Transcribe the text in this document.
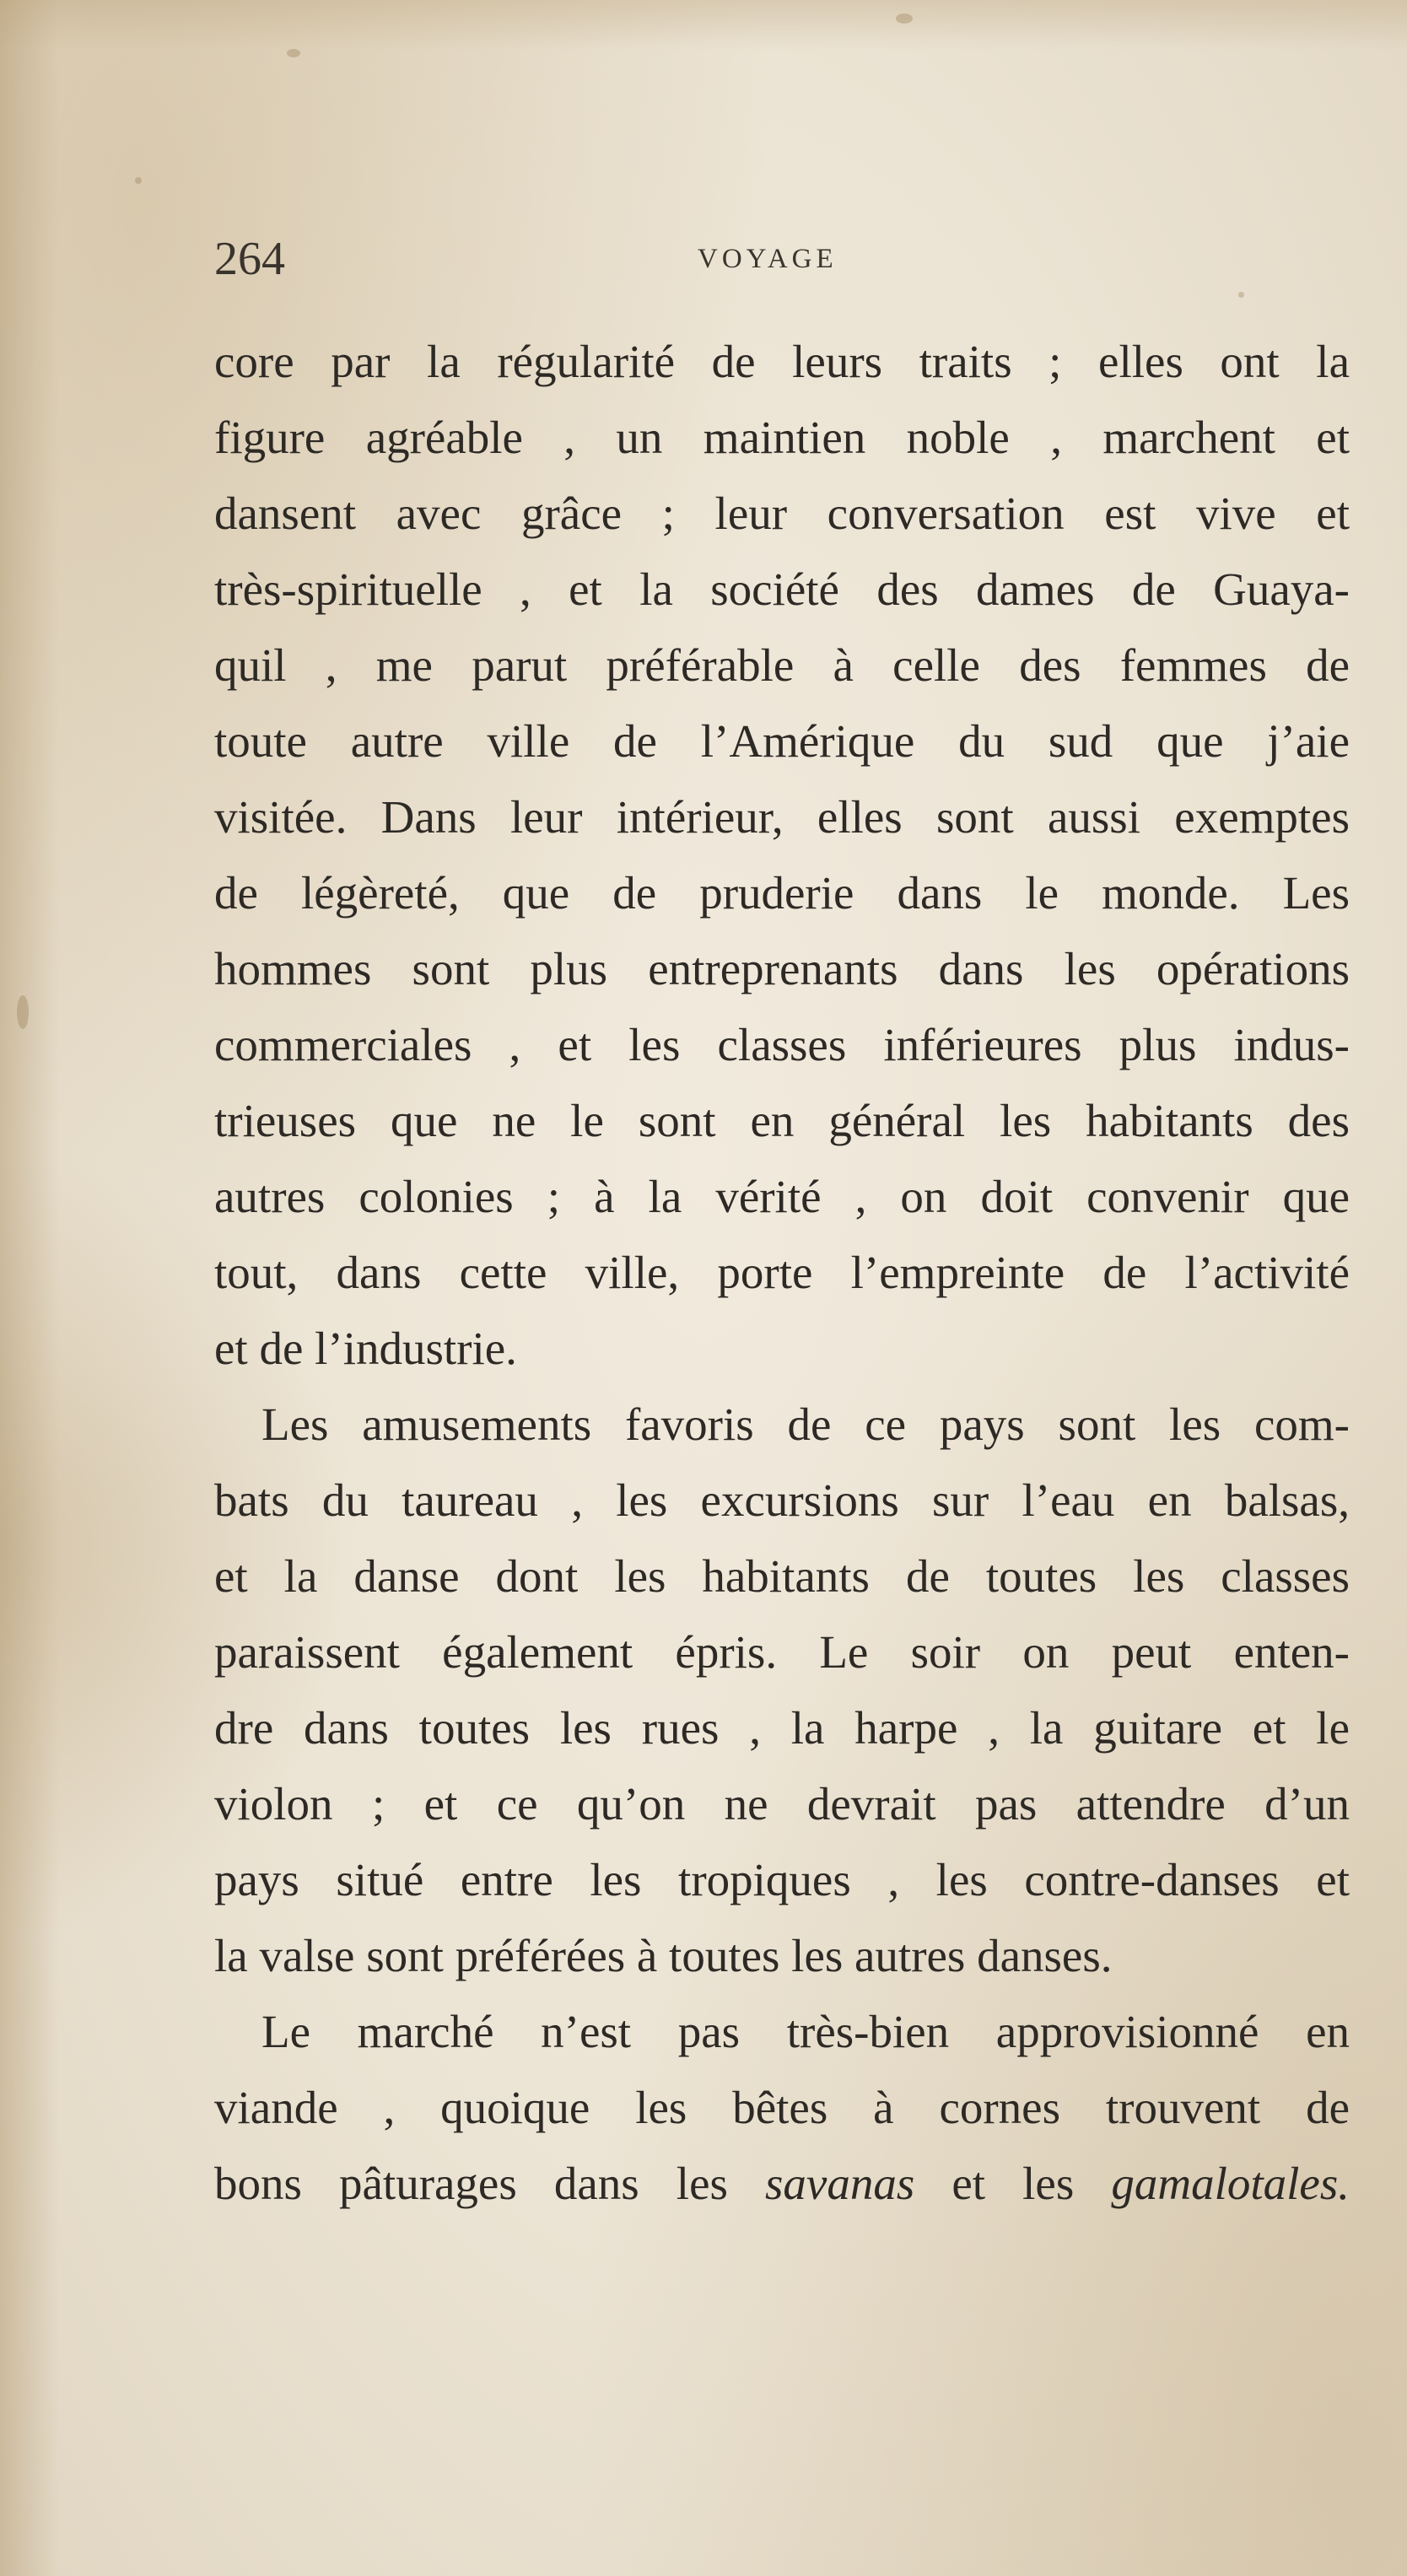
264	VOYAGE
core par la régularité de leurs traits ; elles ont la
figure agréable , un maintien noble , marchent et
dansent avec grâce ; leur conversation est vive et
très-spirituelle , et la société des dames de Guaya-
quil , me parut préférable à celle des femmes de
toute autre ville de l’Amérique du sud que j’aie
visitée. Dans leur intérieur, elles sont aussi exemptes
de légèreté, que de pruderie dans le monde. Les
hommes sont plus entreprenants dans les opérations
commerciales , et les classes inférieures plus indus-
trieuses que ne le sont en général les habitants des
autres colonies ; à la vérité , on doit convenir que
tout, dans cette ville, porte l’empreinte de l’activité
et de l’industrie.
Les amusements favoris de ce pays sont les com-
bats du taureau , les excursions sur l’eau en balsas,
et la danse dont les habitants de toutes les classes
paraissent également épris. Le soir on peut enten-
dre dans toutes les rues , la harpe , la guitare et le
violon ; et ce qu’on ne devrait pas attendre d’un
pays situé entre les tropiques , les contre-danses et
la valse sont préférées à toutes les autres danses.
Le marché n’est pas très-bien approvisionné en
viande , quoique les bêtes à cornes trouvent de
bons pâturages dans les savanas et les gamalotales.
